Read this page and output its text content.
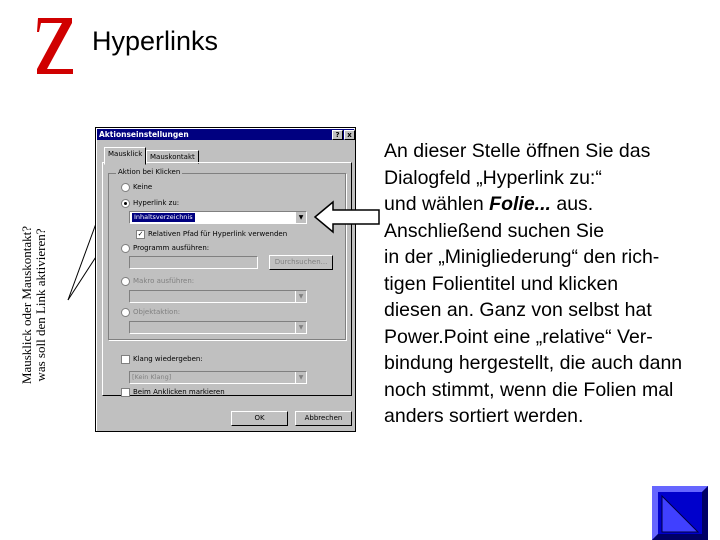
Hyperlinks
Mausklick oder Mauskontakt? was soll den Link aktivieren?
Aktionseinstellungen	?	x
Mausklick	Mauskontakt
Aktion bei Klicken
Keine
Hyperlink zu:
Inhaltsverzeichnis	▼
✓ Relativen Pfad für Hyperlink verwenden
Programm ausführen:
Durchsuchen...
Makro ausführen:
▼
Objektaktion:
▼
Klang wiedergeben:
[Kein Klang]	▼
Beim Anklicken markieren
OK	Abbrechen
An dieser Stelle öffnen Sie das
Dialogfeld „Hyperlink zu:“
und wählen Folie... aus.
Anschließend suchen Sie
in der „Minigliederung“ den rich-
tigen Folientitel und klicken
diesen an. Ganz von selbst hat
Power.Point eine „relative“ Ver-
bindung hergestellt, die auch dann
noch stimmt, wenn die Folien mal
anders sortiert werden.
